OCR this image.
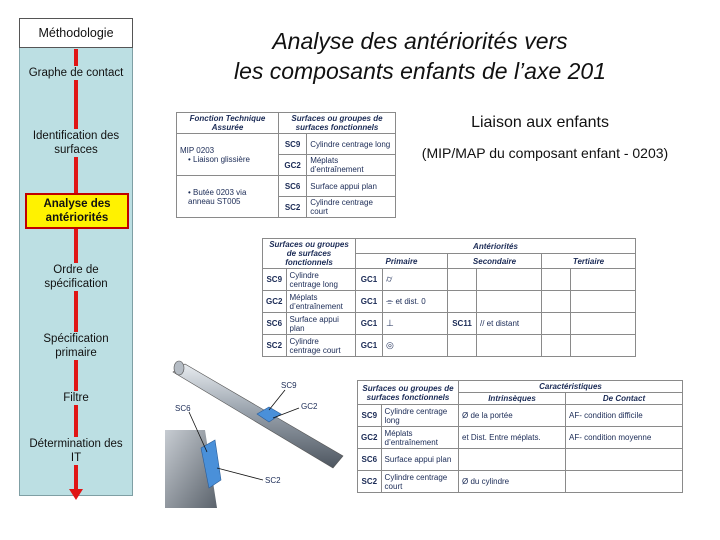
Méthodologie
Graphe de contact
Identification des surfaces
Analyse des antériorités
Ordre de spécification
Spécification primaire
Filtre
Détermination des IT
Analyse des antériorités vers
les composants enfants de l’axe 201
Liaison aux enfants
(MIP/MAP du composant enfant - 0203)
Fonction Technique Assurée	Surfaces ou groupes de surfaces fonctionnels	

MIP 0203
• Liaison glissière	SC9	Cylindre centrage long
	GC2	Méplats d’entraînement

• Butée 0203 via anneau ST005	SC6	Surface appui plan
	SC2	Cylindre centrage court
Surfaces ou groupes de surfaces fonctionnels		Antériorités					
		Primaire		Secondaire		Tertiaire	
SC9	Cylindre centrage long	GC1	⌭				
GC2	Méplats d’entraînement	GC1	⌯ et dist. 0				
SC6	Surface appui plan	GC1	⊥	SC11	// et distant		
SC2	Cylindre centrage court	GC1	◎				
SC9
GC2
SC6
SC2
Surfaces ou groupes de surfaces fonctionnels		Caractéristiques	
		Intrinsèques	De Contact
SC9	Cylindre centrage long	Ø de la portée	AF- condition difficile
GC2	Méplats d’entraînement	et Dist. Entre méplats.	AF- condition moyenne
SC6	Surface appui plan		
SC2	Cylindre centrage court	Ø du cylindre	
